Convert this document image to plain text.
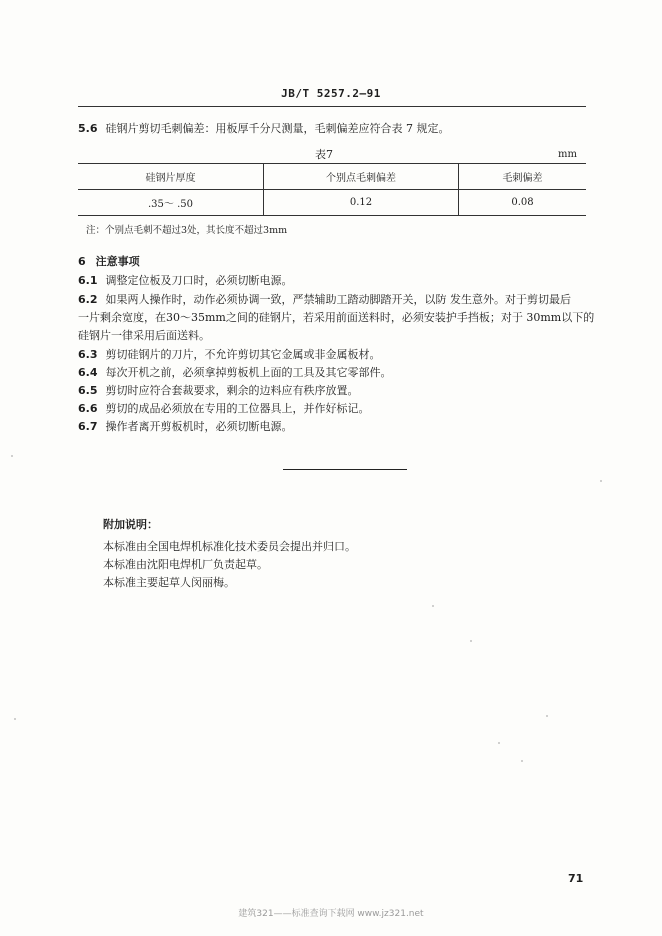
JB/T 5257.2—91
5.6 硅钢片剪切毛刺偏差：用板厚千分尺测量，毛刺偏差应符合表 7 规定。
表7	mm
硅钢片厚度	个别点毛刺偏差	毛刺偏差
.35～ .50	0.12	0.08
注：个别点毛刺不超过3处，其长度不超过3mm
6 注意事项
6.1 调整定位板及刀口时，必须切断电源。
6.2 如果两人操作时，动作必须协调一致，严禁辅助工踏动脚踏开关，以防 发生意外。对于剪切最后
一片剩余宽度，在30～35mm之间的硅钢片，若采用前面送料时，必须安装护手挡板；对于 30mm以下的
硅钢片一律采用后面送料。
6.3 剪切硅钢片的刀片，不允许剪切其它金属或非金属板材。
6.4 每次开机之前，必须拿掉剪板机上面的工具及其它零部件。
6.5 剪切时应符合套裁要求，剩余的边料应有秩序放置。
6.6 剪切的成品必须放在专用的工位器具上，并作好标记。
6.7 操作者离开剪板机时，必须切断电源。
附加说明：
本标准由全国电焊机标准化技术委员会提出并归口。
本标准由沈阳电焊机厂负责起草。
本标准主要起草人闵丽梅。
71
建筑321——标准查询下载网 www.jz321.net
